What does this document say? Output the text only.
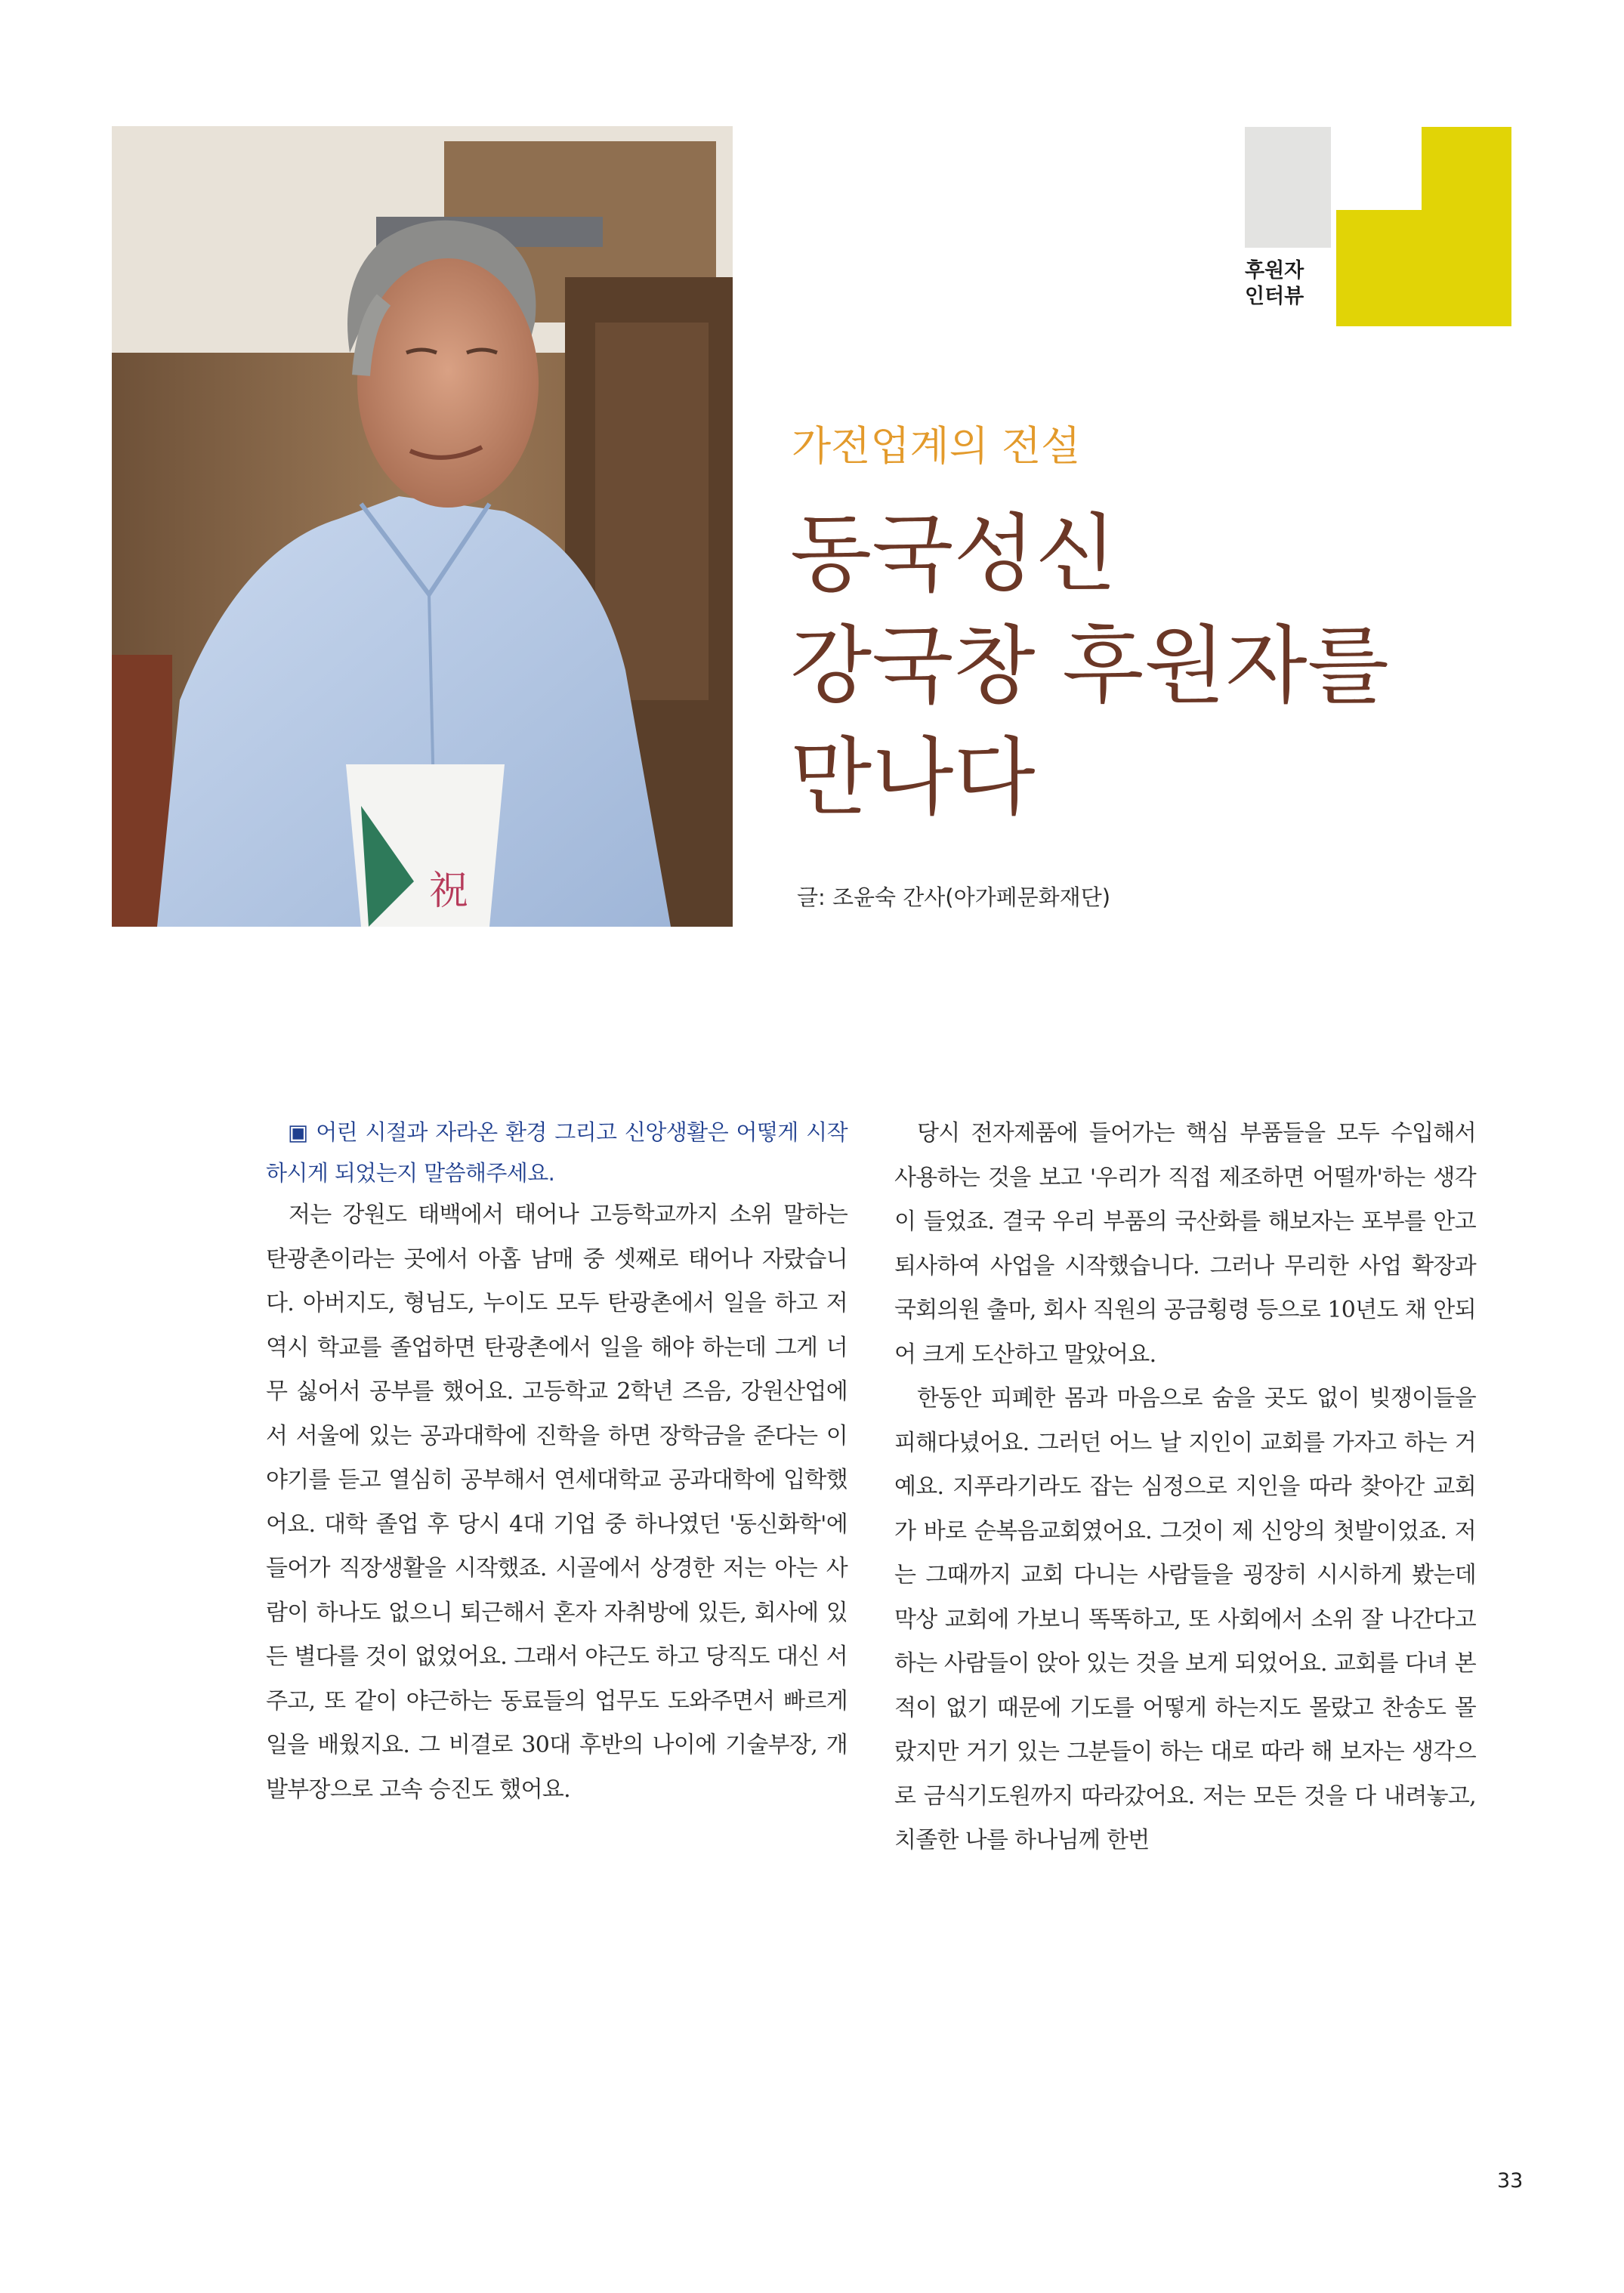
祝
후원자
인터뷰
가전업계의 전설
동국성신
강국창 후원자를
만나다
글: 조윤숙 간사(아가페문화재단)

▣ 어린 시절과 자라온 환경 그리고 신앙생활은 어떻게 시작하시게 되었는지 말씀해주세요.

저는 강원도 태백에서 태어나 고등학교까지 소위 말하는 탄광촌이라는 곳에서 아홉 남매 중 셋째로 태어나 자랐습니다. 아버지도, 형님도, 누이도 모두 탄광촌에서 일을 하고 저 역시 학교를 졸업하면 탄광촌에서 일을 해야 하는데 그게 너무 싫어서 공부를 했어요. 고등학교 2학년 즈음, 강원산업에서 서울에 있는 공과대학에 진학을 하면 장학금을 준다는 이야기를 듣고 열심히 공부해서 연세대학교 공과대학에 입학했어요. 대학 졸업 후 당시 4대 기업 중 하나였던 '동신화학'에 들어가 직장생활을 시작했죠. 시골에서 상경한 저는 아는 사람이 하나도 없으니 퇴근해서 혼자 자취방에 있든, 회사에 있든 별다를 것이 없었어요. 그래서 야근도 하고 당직도 대신 서 주고, 또 같이 야근하는 동료들의 업무도 도와주면서 빠르게 일을 배웠지요. 그 비결로 30대 후반의 나이에 기술부장, 개발부장으로 고속 승진도 했어요.

당시 전자제품에 들어가는 핵심 부품들을 모두 수입해서 사용하는 것을 보고 '우리가 직접 제조하면 어떨까'하는 생각이 들었죠. 결국 우리 부품의 국산화를 해보자는 포부를 안고 퇴사하여 사업을 시작했습니다. 그러나 무리한 사업 확장과 국회의원 출마, 회사 직원의 공금횡령 등으로 10년도 채 안되어 크게 도산하고 말았어요.

한동안 피폐한 몸과 마음으로 숨을 곳도 없이 빚쟁이들을 피해다녔어요. 그러던 어느 날 지인이 교회를 가자고 하는 거예요. 지푸라기라도 잡는 심정으로 지인을 따라 찾아간 교회가 바로 순복음교회였어요. 그것이 제 신앙의 첫발이었죠. 저는 그때까지 교회 다니는 사람들을 굉장히 시시하게 봤는데 막상 교회에 가보니 똑똑하고, 또 사회에서 소위 잘 나간다고 하는 사람들이 앉아 있는 것을 보게 되었어요. 교회를 다녀 본 적이 없기 때문에 기도를 어떻게 하는지도 몰랐고 찬송도 몰랐지만 거기 있는 그분들이 하는 대로 따라 해 보자는 생각으로 금식기도원까지 따라갔어요. 저는 모든 것을 다 내려놓고, 치졸한 나를 하나님께 한번

33
